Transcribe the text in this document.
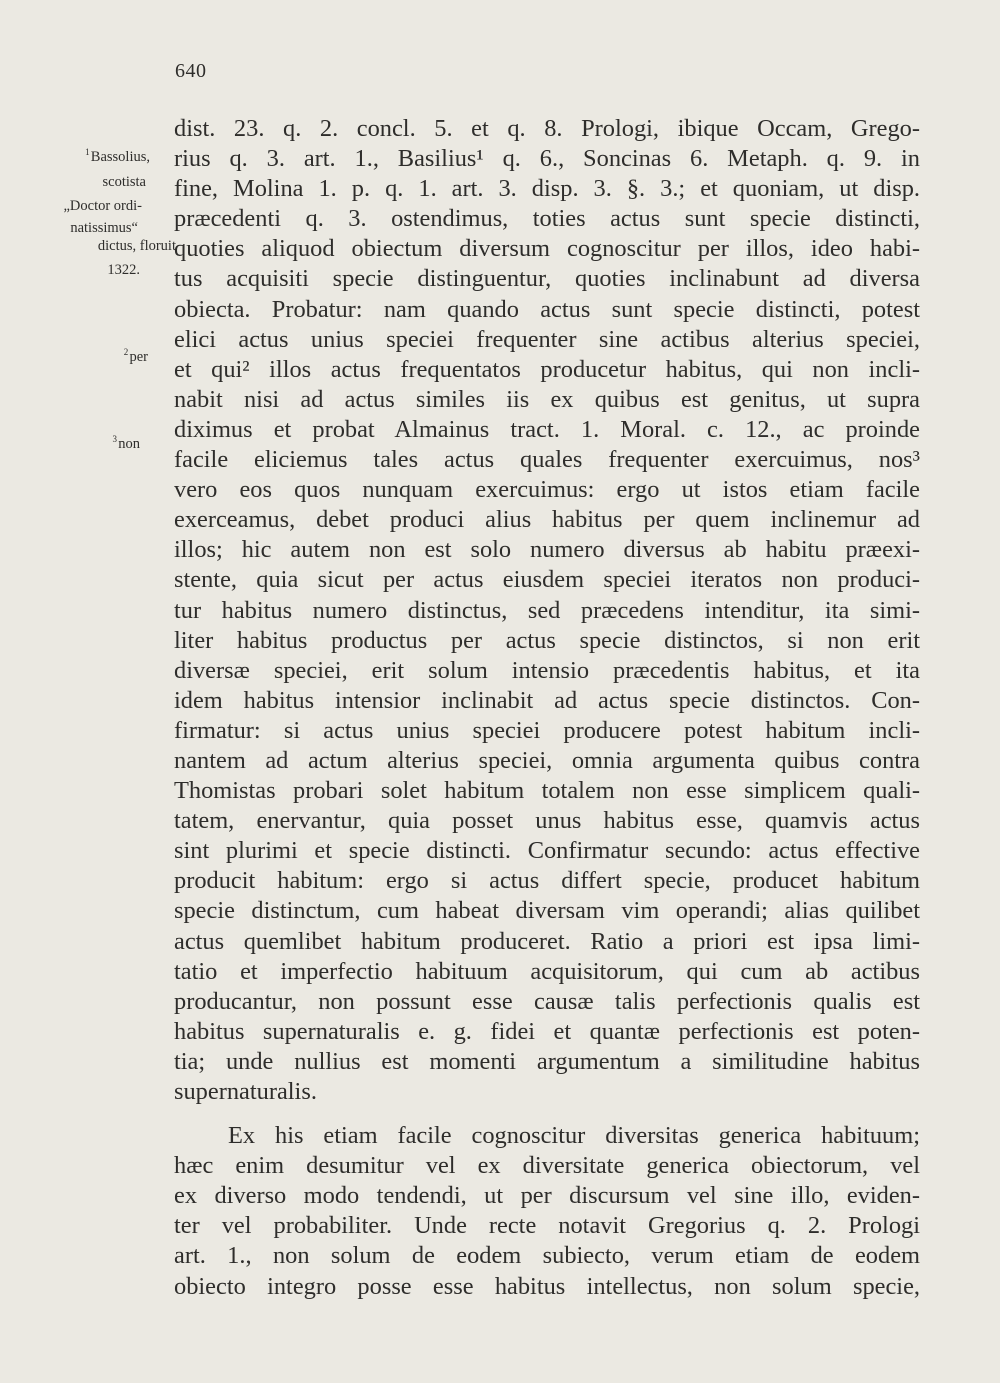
640
$^1$ Bassolius,
scotista
„Doctor ordi-
natissimus“
dictus, floruit
1322.
$^2$ per
$^3$ non
dist. 23. q. 2. concl. 5. et q. 8. Prologi, ibique Occam, Grego-
rius q. 3. art. 1., Basilius¹ q. 6., Soncinas 6. Metaph. q. 9. in
fine, Molina 1. p. q. 1. art. 3. disp. 3. §. 3.; et quoniam, ut disp.
præcedenti q. 3. ostendimus, toties actus sunt specie distincti,
quoties aliquod obiectum diversum cognoscitur per illos, ideo habi-
tus acquisiti specie distinguentur, quoties inclinabunt ad diversa
obiecta. Probatur: nam quando actus sunt specie distincti, potest
elici actus unius speciei frequenter sine actibus alterius speciei,
et qui² illos actus frequentatos producetur habitus, qui non incli-
nabit nisi ad actus similes iis ex quibus est genitus, ut supra
diximus et probat Almainus tract. 1. Moral. c. 12., ac proinde
facile eliciemus tales actus quales frequenter exercuimus, nos³
vero eos quos nunquam exercuimus: ergo ut istos etiam facile
exerceamus, debet produci alius habitus per quem inclinemur ad
illos; hic autem non est solo numero diversus ab habitu præexi-
stente, quia sicut per actus eiusdem speciei iteratos non produci-
tur habitus numero distinctus, sed præcedens intenditur, ita simi-
liter habitus productus per actus specie distinctos, si non erit
diversæ speciei, erit solum intensio præcedentis habitus, et ita
idem habitus intensior inclinabit ad actus specie distinctos. Con-
firmatur: si actus unius speciei producere potest habitum incli-
nantem ad actum alterius speciei, omnia argumenta quibus contra
Thomistas probari solet habitum totalem non esse simplicem quali-
tatem, enervantur, quia posset unus habitus esse, quamvis actus
sint plurimi et specie distincti. Confirmatur secundo: actus effective
producit habitum: ergo si actus differt specie, producet habitum
specie distinctum, cum habeat diversam vim operandi; alias quilibet
actus quemlibet habitum produceret. Ratio a priori est ipsa limi-
tatio et imperfectio habituum acquisitorum, qui cum ab actibus
producantur, non possunt esse causæ talis perfectionis qualis est
habitus supernaturalis e. g. fidei et quantæ perfectionis est poten-
tia; unde nullius est momenti argumentum a similitudine habitus
supernaturalis.
Ex his etiam facile cognoscitur diversitas generica habituum;
hæc enim desumitur vel ex diversitate generica obiectorum, vel
ex diverso modo tendendi, ut per discursum vel sine illo, eviden-
ter vel probabiliter. Unde recte notavit Gregorius q. 2. Prologi
art. 1., non solum de eodem subiecto, verum etiam de eodem
obiecto integro posse esse habitus intellectus, non solum specie,
